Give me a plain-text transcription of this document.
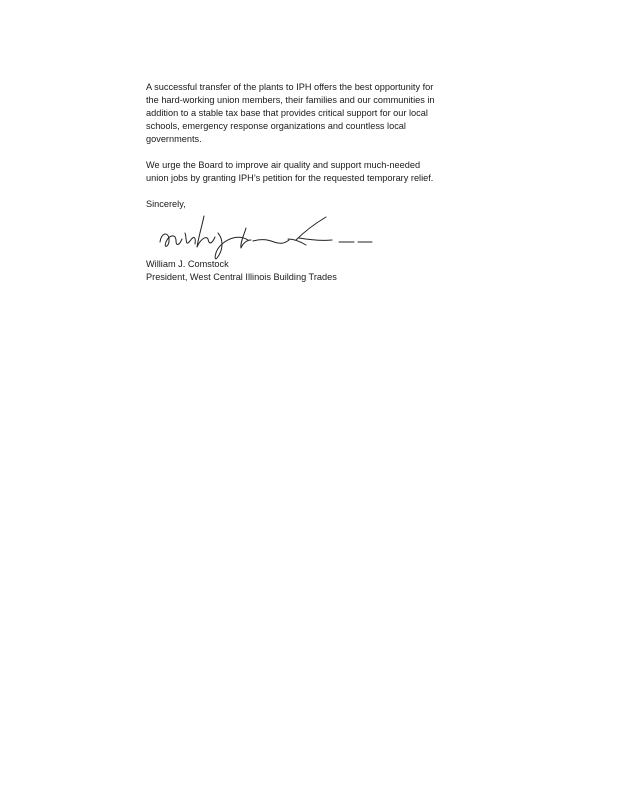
A successful transfer of the plants to IPH offers the best opportunity for
the hard-working union members, their families and our communities in
addition to a stable tax base that provides critical support for our local
schools, emergency response organizations and countless local
governments.

We urge the Board to improve air quality and support much-needed
union jobs by granting IPH’s petition for the requested temporary relief.

Sincerely,

William J. Comstock

President, West Central Illinois Building Trades
